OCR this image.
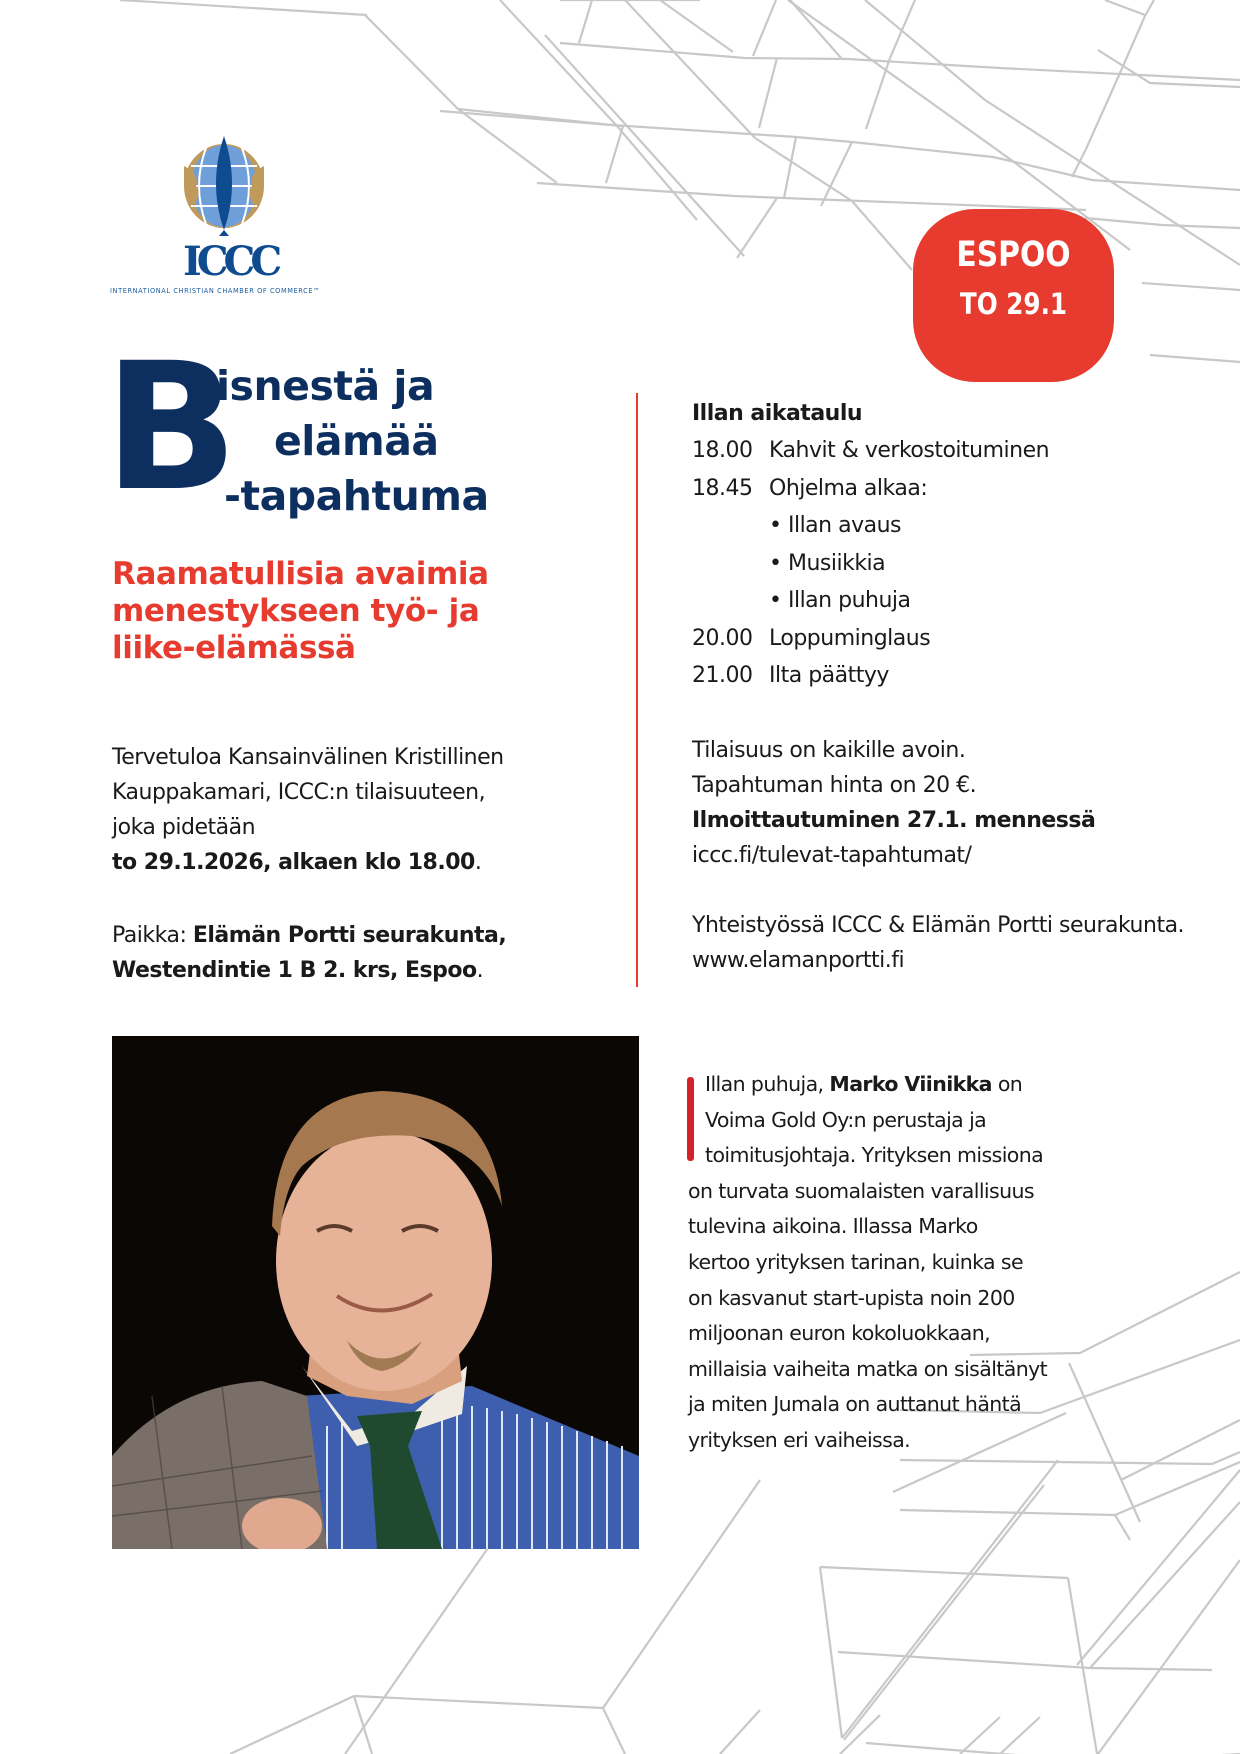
ICCC
INTERNATIONAL CHRISTIAN CHAMBER OF COMMERCE™
ESPOO
TO 29.1
B
isnestä ja
elämää
-tapahtuma
Raamatullisia avaimia
menestykseen työ- ja
liike-elämässä
Tervetuloa Kansainvälinen Kristillinen
Kauppakamari, ICCC:n tilaisuuteen,
joka pidetään
to 29.1.2026, alkaen klo 18.00.
Paikka: Elämän Portti seurakunta,
Westendintie 1 B 2. krs, Espoo.
Illan aikataulu
18.00 Kahvit & verkostoituminen
18.45 Ohjelma alkaa:
• Illan avaus
• Musiikkia
• Illan puhuja
20.00 Loppuminglaus
21.00 Ilta päättyy
Tilaisuus on kaikille avoin.
Tapahtuman hinta on 20 €.
Ilmoittautuminen 27.1. mennessä
iccc.fi/tulevat-tapahtumat/

Yhteistyössä ICCC & Elämän Portti seurakunta.
www.elamanportti.fi
Illan puhuja, Marko Viinikka on
Voima Gold Oy:n perustaja ja
toimitusjohtaja. Yrityksen missiona
on turvata suomalaisten varallisuus
tulevina aikoina. Illassa Marko
kertoo yrityksen tarinan, kuinka se
on kasvanut start-upista noin 200
miljoonan euron kokoluokkaan,
millaisia vaiheita matka on sisältänyt
ja miten Jumala on auttanut häntä
yrityksen eri vaiheissa.
